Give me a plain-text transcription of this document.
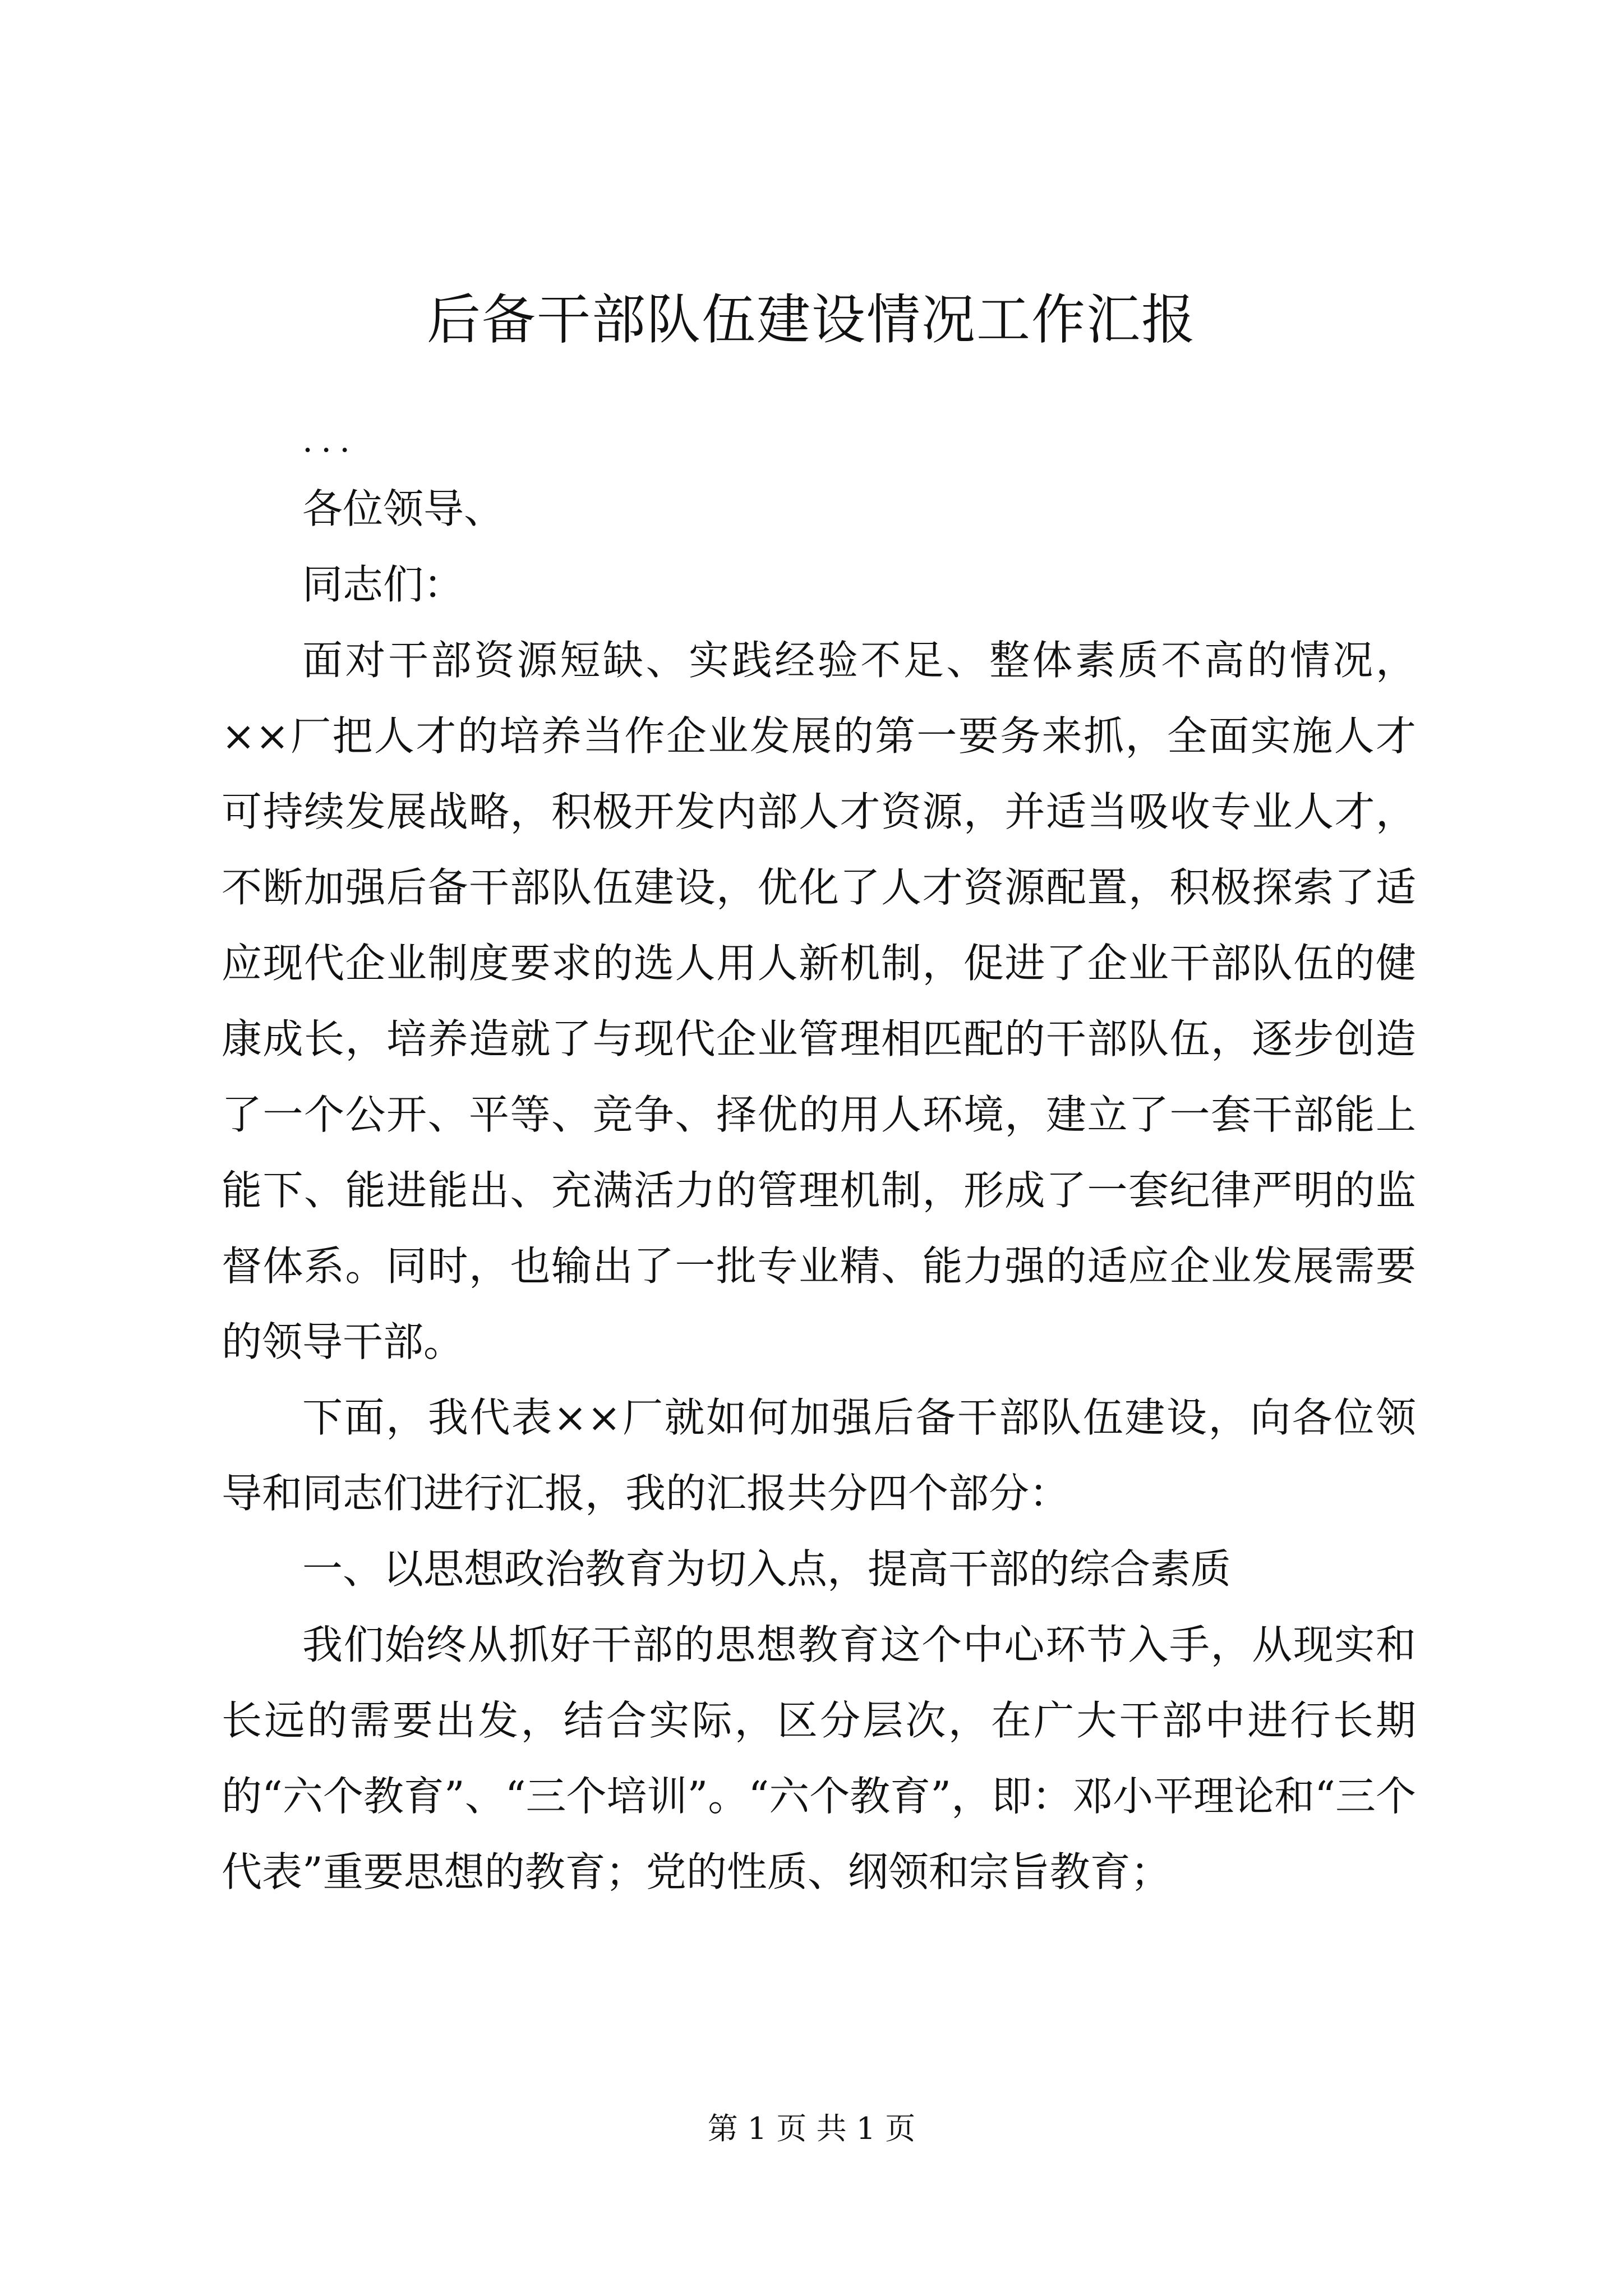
后备干部队伍建设情况工作汇报

...

各位领导、

同志们：

面对干部资源短缺、实践经验不足、整体素质不高的情况，××厂把人才的培养当作企业发展的第一要务来抓，全面实施人才可持续发展战略，积极开发内部人才资源，并适当吸收专业人才，不断加强后备干部队伍建设，优化了人才资源配置，积极探索了适应现代企业制度要求的选人用人新机制，促进了企业干部队伍的健康成长，培养造就了与现代企业管理相匹配的干部队伍，逐步创造了一个公开、平等、竞争、择优的用人环境，建立了一套干部能上能下、能进能出、充满活力的管理机制，形成了一套纪律严明的监督体系。同时，也输出了一批专业精、能力强的适应企业发展需要的领导干部。

下面，我代表××厂就如何加强后备干部队伍建设，向各位领导和同志们进行汇报，我的汇报共分四个部分：

一、以思想政治教育为切入点，提高干部的综合素质

我们始终从抓好干部的思想教育这个中心环节入手，从现实和长远的需要出发，结合实际，区分层次，在广大干部中进行长期的“六个教育”、“三个培训”。“六个教育”，即：邓小平理论和“三个代表”重要思想的教育；党的性质、纲领和宗旨教育；

第 1 页 共 1 页
